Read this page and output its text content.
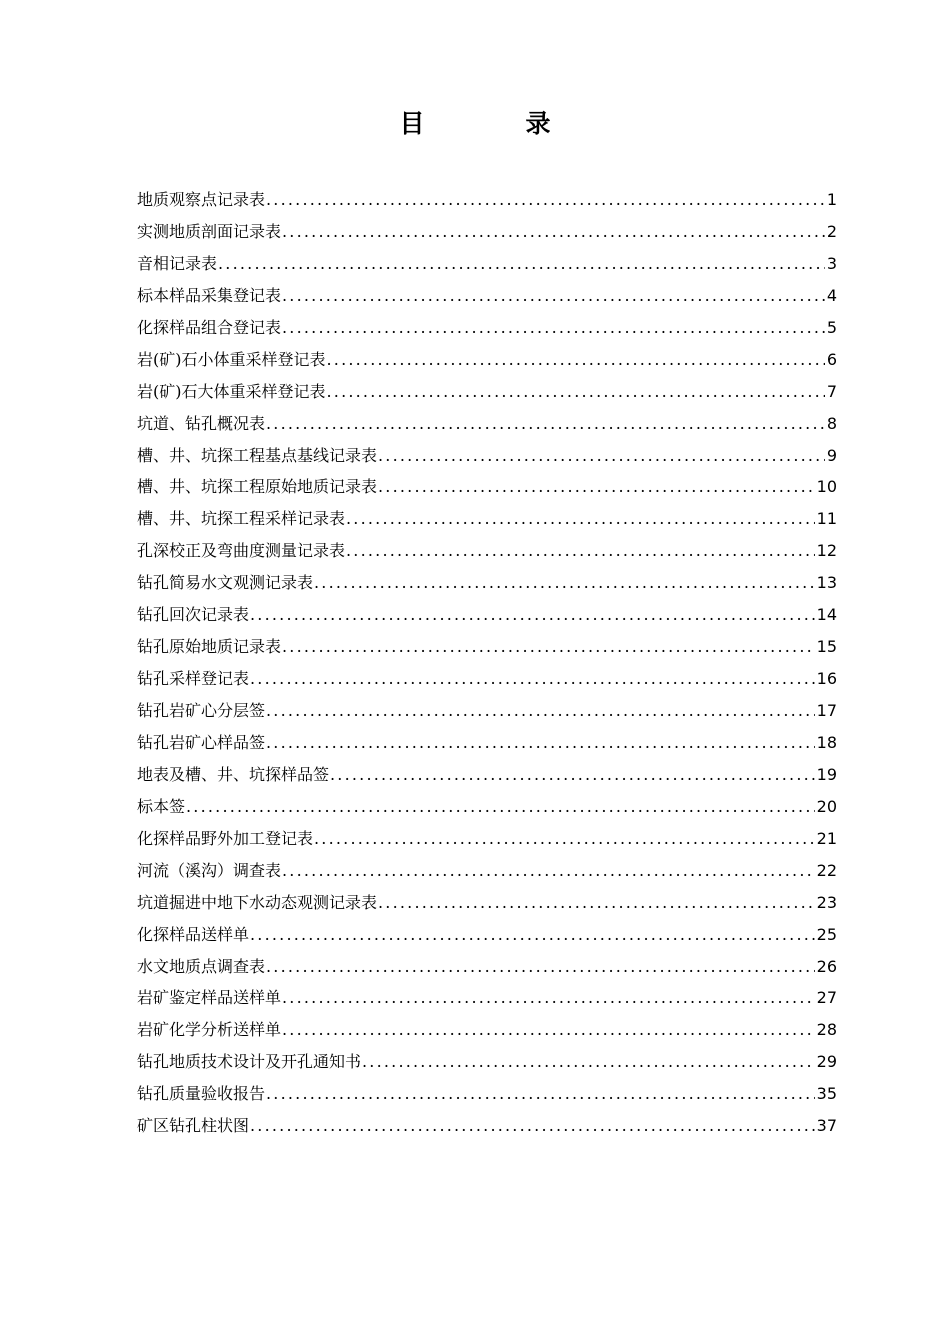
目　录
地质观察点记录表 .....	1
实测地质剖面记录表 .....	2
音相记录表 .....	3
标本样品采集登记表 .....	4
化探样品组合登记表 .....	5
岩(矿)石小体重采样登记表 .....	6
岩(矿)石大体重采样登记表 .....	7
坑道、钻孔概况表 .....	8
槽、井、坑探工程基点基线记录表 .....	9
槽、井、坑探工程原始地质记录表 .....	10
槽、井、坑探工程采样记录表 .....	11
孔深校正及弯曲度测量记录表 .....	12
钻孔简易水文观测记录表 .....	13
钻孔回次记录表 .....	14
钻孔原始地质记录表 .....	15
钻孔采样登记表 .....	16
钻孔岩矿心分层签 .....	17
钻孔岩矿心样品签 .....	18
地表及槽、井、坑探样品签 .....	19
标本签 .....	20
化探样品野外加工登记表 .....	21
河流（溪沟）调查表 .....	22
坑道掘进中地下水动态观测记录表 .....	23
化探样品送样单 .....	25
水文地质点调查表 .....	26
岩矿鉴定样品送样单 .....	27
岩矿化学分析送样单 .....	28
钻孔地质技术设计及开孔通知书 .....	29
钻孔质量验收报告 .....	35
矿区钻孔柱状图 .....	37
